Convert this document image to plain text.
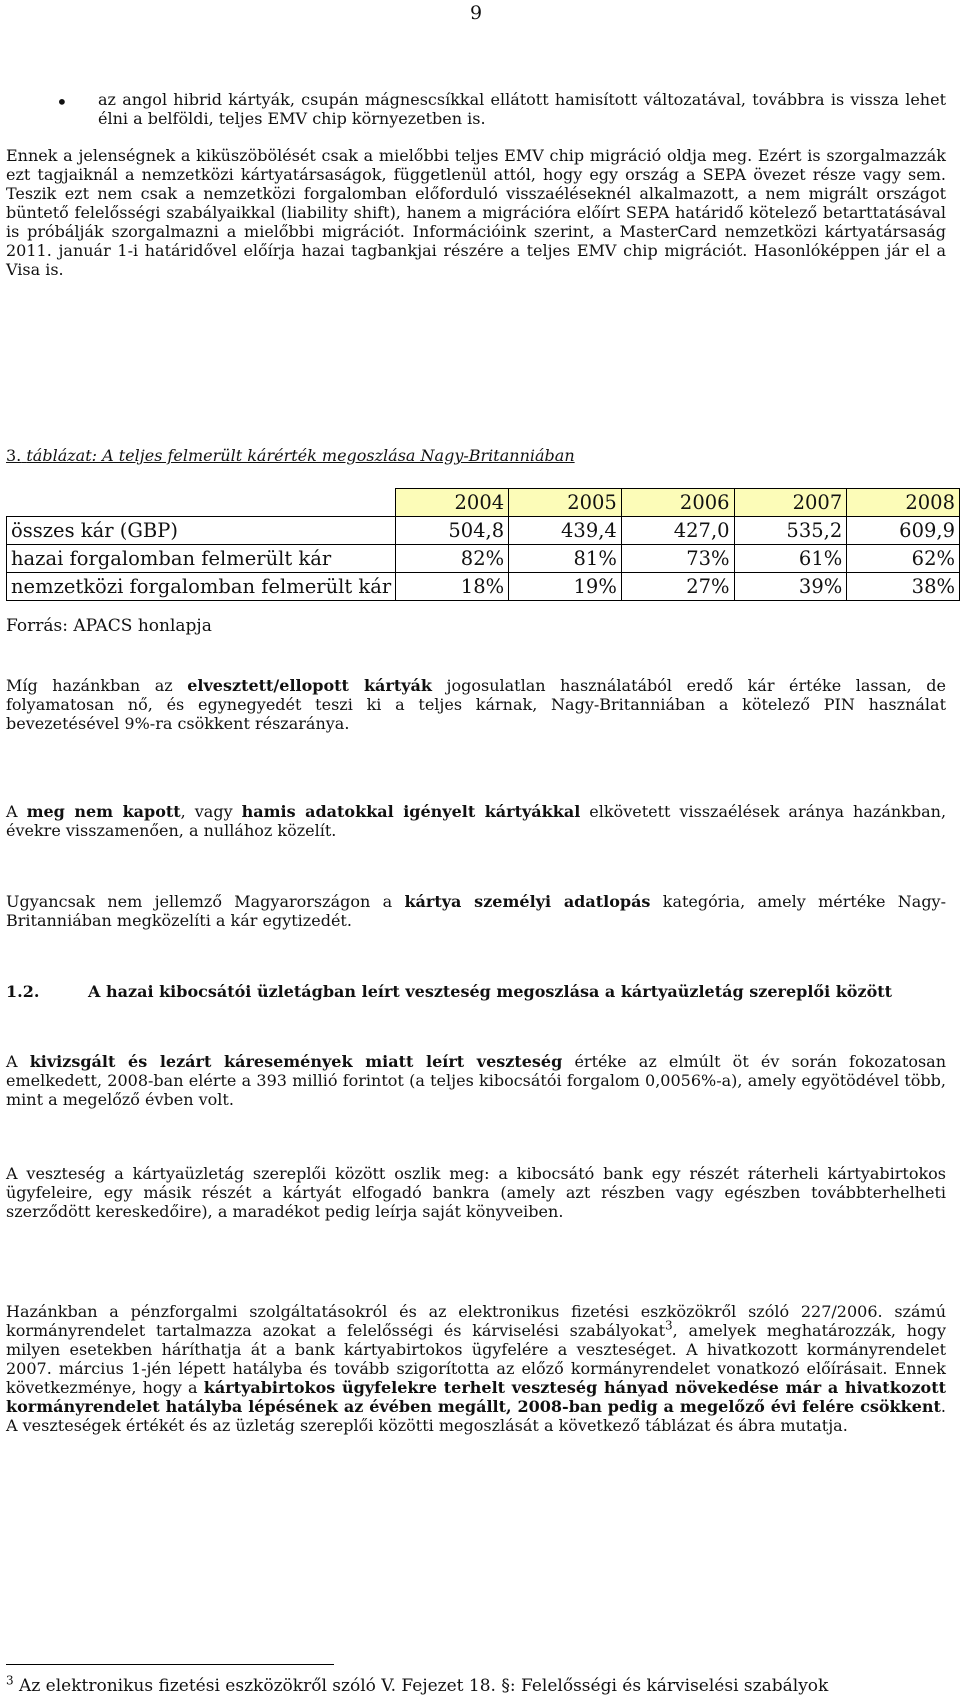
9
• az angol hibrid kártyák, csupán mágnescsíkkal ellátott hamisított változatával, továbbra is vissza lehet élni a belföldi, teljes EMV chip környezetben is.
Ennek a jelenségnek a kiküszöbölését csak a mielőbbi teljes EMV chip migráció oldja meg. Ezért is szorgalmazzák ezt tagjaiknál a nemzetközi kártyatársaságok, függetlenül attól, hogy egy ország a SEPA övezet része vagy sem. Teszik ezt nem csak a nemzetközi forgalomban előforduló visszaéléseknél alkalmazott, a nem migrált országot büntető felelősségi szabályaikkal (liability shift), hanem a migrációra előírt SEPA határidő kötelező betarttatásával is próbálják szorgalmazni a mielőbbi migrációt. Információink szerint, a MasterCard nemzetközi kártyatársaság 2011. január 1-i határidővel előírja hazai tagbankjai részére a teljes EMV chip migrációt. Hasonlóképpen jár el a Visa is.
3. táblázat: A teljes felmerült kárérték megoszlása Nagy-Britanniában
	2004	2005	2006	2007	2008
összes kár (GBP)	504,8	439,4	427,0	535,2	609,9
hazai forgalomban felmerült kár	82%	81%	73%	61%	62%
nemzetközi forgalomban felmerült kár	18%	19%	27%	39%	38%
Forrás: APACS honlapja
Míg hazánkban az elvesztett/ellopott kártyák jogosulatlan használatából eredő kár értéke lassan, de folyamatosan nő, és egynegyedét teszi ki a teljes kárnak, Nagy-Britanniában a kötelező PIN használat bevezetésével 9%-ra csökkent részaránya.
A meg nem kapott, vagy hamis adatokkal igényelt kártyákkal elkövetett visszaélések aránya hazánkban, évekre visszamenően, a nullához közelít.
Ugyancsak nem jellemző Magyarországon a kártya személyi adatlopás kategória, amely mértéke Nagy-Britanniában megközelíti a kár egytizedét.
1.2.	A hazai kibocsátói üzletágban leírt veszteség megoszlása a kártyaüzletág szereplői között
A kivizsgált és lezárt káresemények miatt leírt veszteség értéke az elmúlt öt év során fokozatosan emelkedett, 2008-ban elérte a 393 millió forintot (a teljes kibocsátói forgalom 0,0056%-a), amely egyötödével több, mint a megelőző évben volt.
A veszteség a kártyaüzletág szereplői között oszlik meg: a kibocsátó bank egy részét ráterheli kártyabirtokos ügyfeleire, egy másik részét a kártyát elfogadó bankra (amely azt részben vagy egészben továbbterhelheti szerződött kereskedőire), a maradékot pedig leírja saját könyveiben.
Hazánkban a pénzforgalmi szolgáltatásokról és az elektronikus fizetési eszközökről szóló 227/2006. számú kormányrendelet tartalmazza azokat a felelősségi és kárviselési szabályokat$^3$, amelyek meghatározzák, hogy milyen esetekben háríthatja át a bank kártyabirtokos ügyfelére a veszteséget. A hivatkozott kormányrendelet 2007. március 1-jén lépett hatályba és tovább szigorította az előző kormányrendelet vonatkozó előírásait. Ennek következménye, hogy a kártyabirtokos ügyfelekre terhelt veszteség hányad növekedése már a hivatkozott kormányrendelet hatályba lépésének az évében megállt, 2008-ban pedig a megelőző évi felére csökkent. A veszteségek értékét és az üzletág szereplői közötti megoszlását a következő táblázat és ábra mutatja.
$^3$ Az elektronikus fizetési eszközökről szóló V. Fejezet 18. §: Felelősségi és kárviselési szabályok
